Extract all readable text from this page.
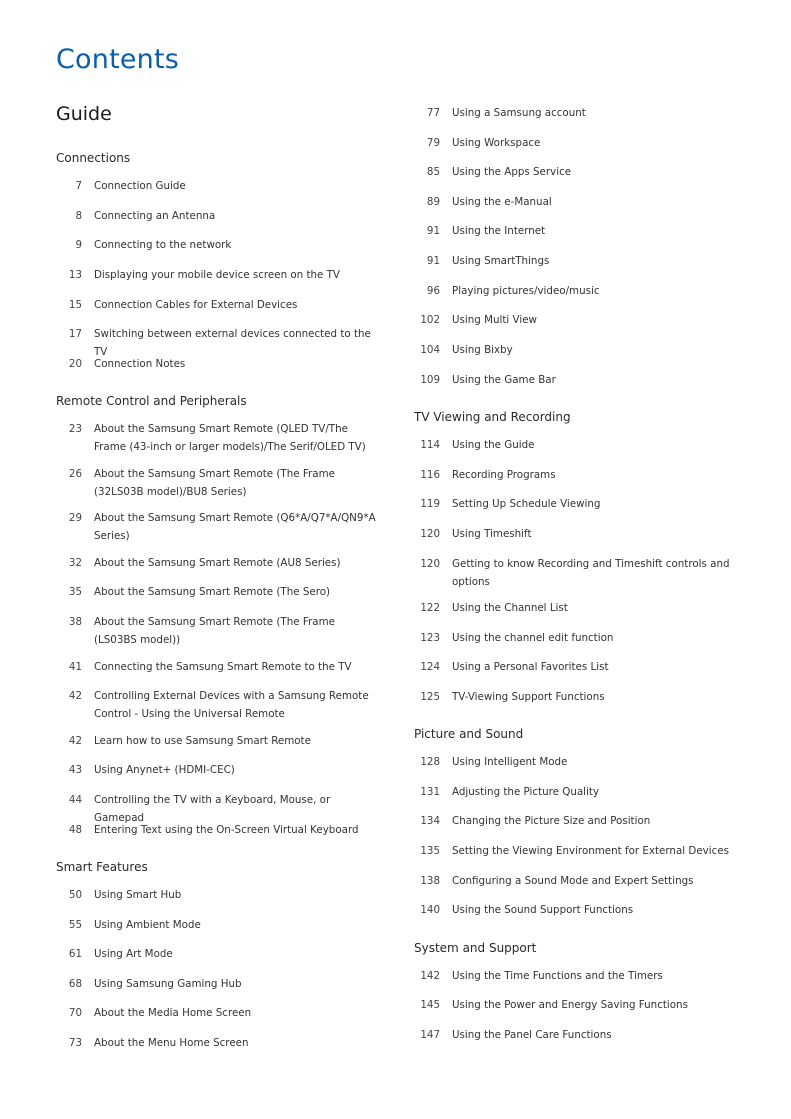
Contents
Guide
Connections
7 Connection Guide
8 Connecting an Antenna
9 Connecting to the network
13 Displaying your mobile device screen on the TV
15 Connection Cables for External Devices
17 Switching between external devices connected to the TV
20 Connection Notes
Remote Control and Peripherals
23 About the Samsung Smart Remote (QLED TV/The Frame (43-inch or larger models)/The Serif/OLED TV)
26 About the Samsung Smart Remote (The Frame (32LS03B model)/BU8 Series)
29 About the Samsung Smart Remote (Q6*A/Q7*A/QN9*A Series)
32 About the Samsung Smart Remote (AU8 Series)
35 About the Samsung Smart Remote (The Sero)
38 About the Samsung Smart Remote (The Frame (LS03BS model))
41 Connecting the Samsung Smart Remote to the TV
42 Controlling External Devices with a Samsung Remote Control - Using the Universal Remote
42 Learn how to use Samsung Smart Remote
43 Using Anynet+ (HDMI-CEC)
44 Controlling the TV with a Keyboard, Mouse, or Gamepad
48 Entering Text using the On-Screen Virtual Keyboard
Smart Features
50 Using Smart Hub
55 Using Ambient Mode
61 Using Art Mode
68 Using Samsung Gaming Hub
70 About the Media Home Screen
73 About the Menu Home Screen
77 Using a Samsung account
79 Using Workspace
85 Using the Apps Service
89 Using the e-Manual
91 Using the Internet
91 Using SmartThings
96 Playing pictures/video/music
102 Using Multi View
104 Using Bixby
109 Using the Game Bar
TV Viewing and Recording
114 Using the Guide
116 Recording Programs
119 Setting Up Schedule Viewing
120 Using Timeshift
120 Getting to know Recording and Timeshift controls and options
122 Using the Channel List
123 Using the channel edit function
124 Using a Personal Favorites List
125 TV-Viewing Support Functions
Picture and Sound
128 Using Intelligent Mode
131 Adjusting the Picture Quality
134 Changing the Picture Size and Position
135 Setting the Viewing Environment for External Devices
138 Configuring a Sound Mode and Expert Settings
140 Using the Sound Support Functions
System and Support
142 Using the Time Functions and the Timers
145 Using the Power and Energy Saving Functions
147 Using the Panel Care Functions
